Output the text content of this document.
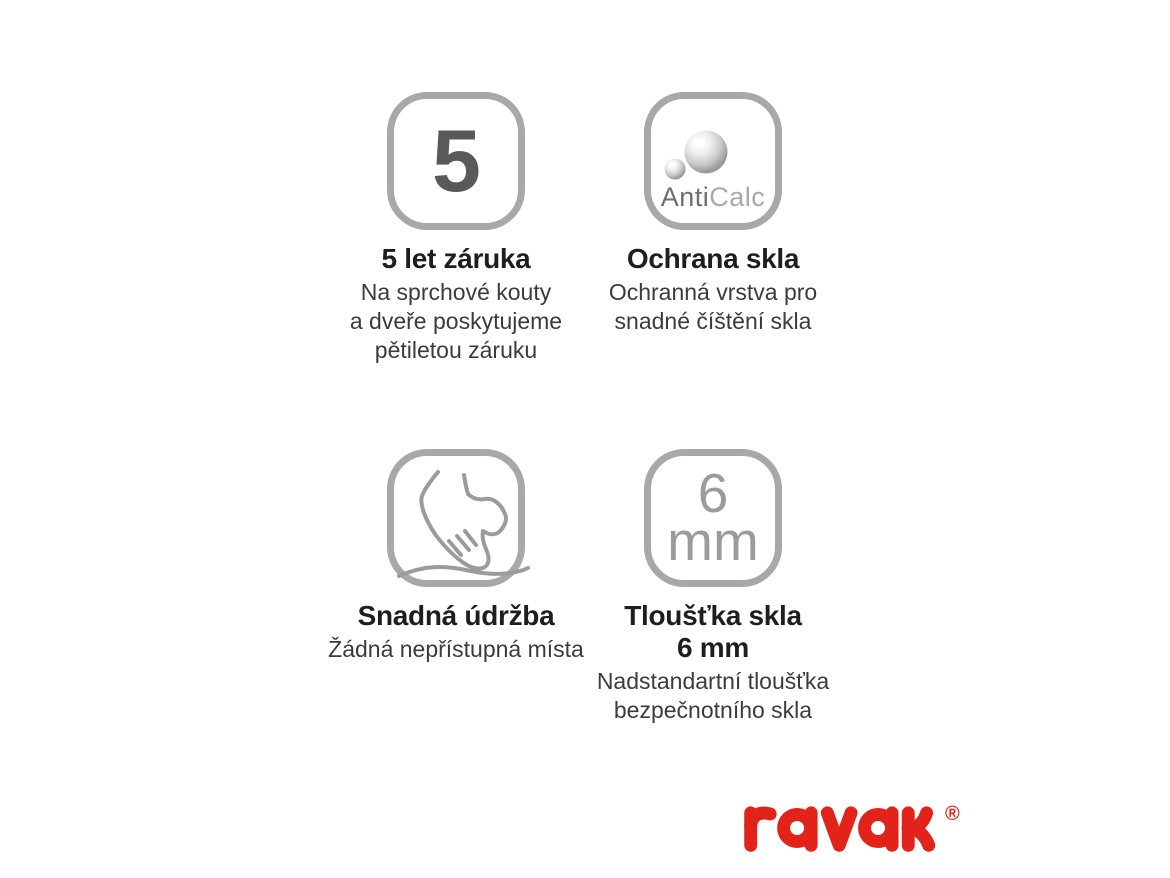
5
5 let záruka
Na sprchové kouty
a dveře poskytujeme
pětiletou záruku
AntiCalc
Ochrana skla
Ochranná vrstva pro
snadné číštění skla
Snadná údržba
Žádná nepřístupná místa
6
mm
Tloušťka skla
6 mm
Nadstandartní tloušťka
bezpečnotního skla
®
